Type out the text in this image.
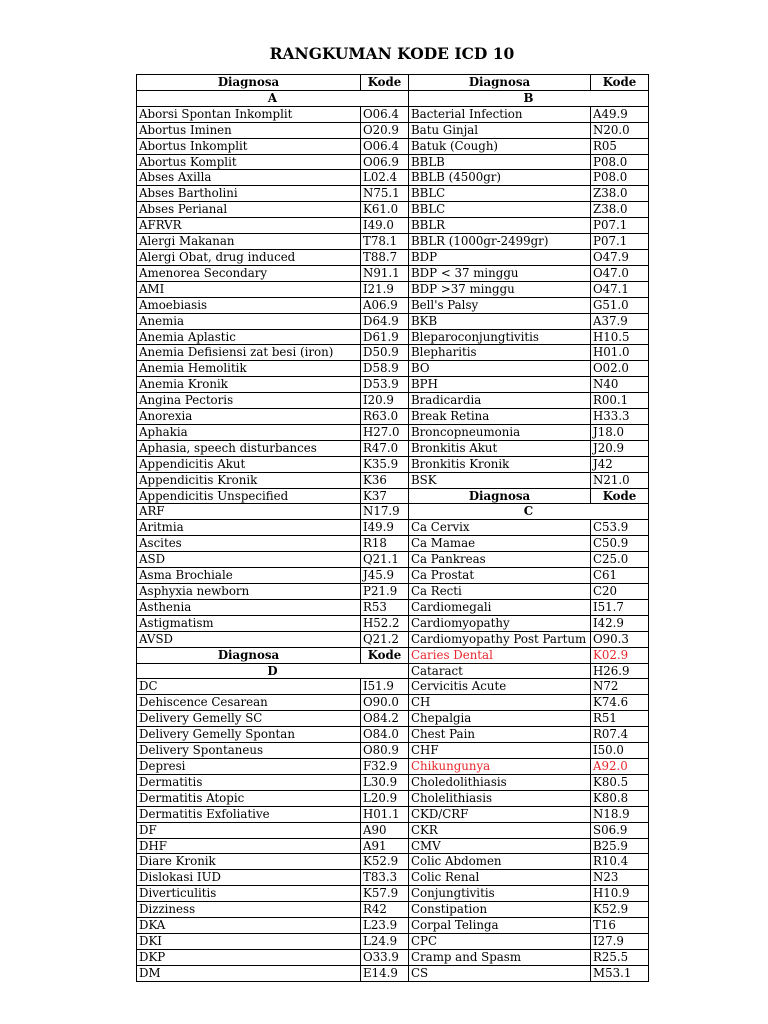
RANGKUMAN KODE ICD 10
Diagnosa	Kode	Diagnosa	Kode
A		B	
Aborsi Spontan Inkomplit	O06.4	Bacterial Infection	A49.9
Abortus Iminen	O20.9	Batu Ginjal	N20.0
Abortus Inkomplit	O06.4	Batuk (Cough)	R05
Abortus Komplit	O06.9	BBLB	P08.0
Abses Axilla	L02.4	BBLB (4500gr)	P08.0
Abses Bartholini	N75.1	BBLC	Z38.0
Abses Perianal	K61.0	BBLC	Z38.0
AFRVR	I49.0	BBLR	P07.1
Alergi Makanan	T78.1	BBLR (1000gr-2499gr)	P07.1
Alergi Obat, drug induced	T88.7	BDP	O47.9
Amenorea Secondary	N91.1	BDP < 37 minggu	O47.0
AMI	I21.9	BDP >37 minggu	O47.1
Amoebiasis	A06.9	Bell's Palsy	G51.0
Anemia	D64.9	BKB	A37.9
Anemia Aplastic	D61.9	Bleparoconjungtivitis	H10.5
Anemia Defisiensi zat besi (iron)	D50.9	Blepharitis	H01.0
Anemia Hemolitik	D58.9	BO	O02.0
Anemia Kronik	D53.9	BPH	N40
Angina Pectoris	I20.9	Bradicardia	R00.1
Anorexia	R63.0	Break Retina	H33.3
Aphakia	H27.0	Broncopneumonia	J18.0
Aphasia, speech disturbances	R47.0	Bronkitis Akut	J20.9
Appendicitis Akut	K35.9	Bronkitis Kronik	J42
Appendicitis Kronik	K36	BSK	N21.0
Appendicitis Unspecified	K37	Diagnosa	Kode
ARF	N17.9	C	
Aritmia	I49.9	Ca Cervix	C53.9
Ascites	R18	Ca Mamae	C50.9
ASD	Q21.1	Ca Pankreas	C25.0
Asma Brochiale	J45.9	Ca Prostat	C61
Asphyxia newborn	P21.9	Ca Recti	C20
Asthenia	R53	Cardiomegali	I51.7
Astigmatism	H52.2	Cardiomyopathy	I42.9
AVSD	Q21.2	Cardiomyopathy Post Partum	O90.3
Diagnosa	Kode	Caries Dental	K02.9
D		Cataract	H26.9
DC	I51.9	Cervicitis Acute	N72
Dehiscence Cesarean	O90.0	CH	K74.6
Delivery Gemelly SC	O84.2	Chepalgia	R51
Delivery Gemelly Spontan	O84.0	Chest Pain	R07.4
Delivery Spontaneus	O80.9	CHF	I50.0
Depresi	F32.9	Chikungunya	A92.0
Dermatitis	L30.9	Choledolithiasis	K80.5
Dermatitis Atopic	L20.9	Cholelithiasis	K80.8
Dermatitis Exfoliative	H01.1	CKD/CRF	N18.9
DF	A90	CKR	S06.9
DHF	A91	CMV	B25.9
Diare Kronik	K52.9	Colic Abdomen	R10.4
Dislokasi IUD	T83.3	Colic Renal	N23
Diverticulitis	K57.9	Conjungtivitis	H10.9
Dizziness	R42	Constipation	K52.9
DKA	L23.9	Corpal Telinga	T16
DKI	L24.9	CPC	I27.9
DKP	O33.9	Cramp and Spasm	R25.5
DM	E14.9	CS	M53.1
